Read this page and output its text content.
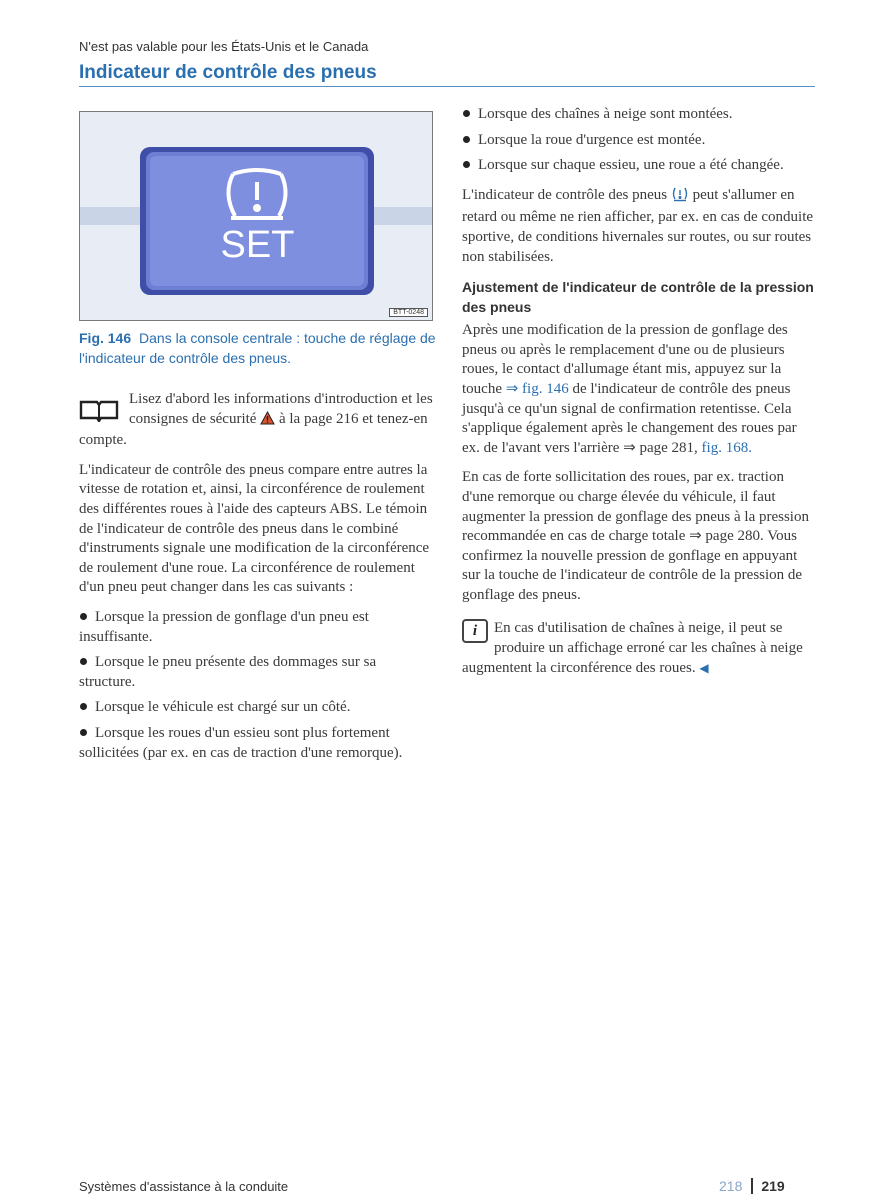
N'est pas valable pour les États-Unis et le Canada
Indicateur de contrôle des pneus
SET
BTT-0248
Fig. 146 Dans la console centrale : touche de réglage de l'indicateur de contrôle des pneus.

Lisez d'abord les informations d'introduction et les consignes de sécurité à la page 216 et tenez-en compte.

L'indicateur de contrôle des pneus compare entre autres la vitesse de rotation et, ainsi, la circonférence de roulement des différentes roues à l'aide des capteurs ABS. Le témoin de l'indicateur de contrôle des pneus dans le combiné d'instruments signale une modification de la circonférence de roulement d'une roue. La circonférence de roulement d'un pneu peut changer dans les cas suivants :

Lorsque la pression de gonflage d'un pneu est insuffisante.
Lorsque le pneu présente des dommages sur sa structure.
Lorsque le véhicule est chargé sur un côté.
Lorsque les roues d'un essieu sont plus fortement sollicitées (par ex. en cas de traction d'une remorque).
Lorsque des chaînes à neige sont montées.
Lorsque la roue d'urgence est montée.
Lorsque sur chaque essieu, une roue a été changée.

L'indicateur de contrôle des pneus peut s'allumer en retard ou même ne rien afficher, par ex. en cas de conduite sportive, de conditions hivernales sur routes, ou sur routes non stabilisées.

Ajustement de l'indicateur de contrôle de la pression des pneus

Après une modification de la pression de gonflage des pneus ou après le remplacement d'une ou de plusieurs roues, le contact d'allumage étant mis, appuyez sur la touche ⇒ fig. 146 de l'indicateur de contrôle des pneus jusqu'à ce qu'un signal de confirmation retentisse. Cela s'applique également après le changement des roues par ex. de l'avant vers l'arrière ⇒ page 281, fig. 168.

En cas de forte sollicitation des roues, par ex. traction d'une remorque ou charge élevée du véhicule, il faut augmenter la pression de gonflage des pneus à la pression recommandée en cas de charge totale ⇒ page 280. Vous confirmez la nouvelle pression de gonflage en appuyant sur la touche de l'indicateur de contrôle de la pression de gonflage des pneus.

i	En cas d'utilisation de chaînes à neige, il peut se produire un affichage erroné car les chaînes à neige augmentent la circonférence des roues. ◀

Systèmes d'assistance à la conduite	218 219
